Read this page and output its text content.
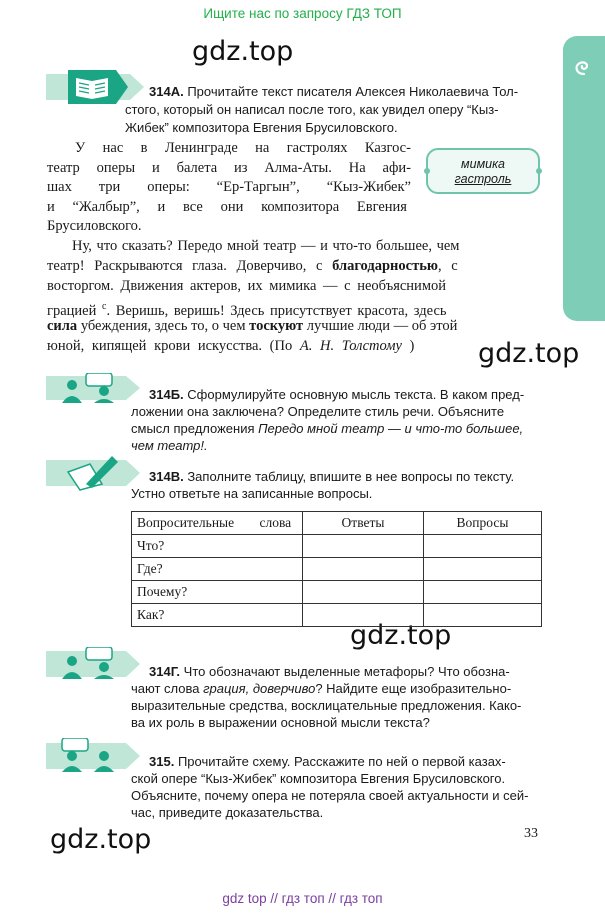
Ищите нас по запросу ГДЗ ТОП
gdz.top
gdz.top
gdz.top
gdz.top
314А. Прочитайте текст писателя Алексея Николаевича Тол-
стого, который он написал после того, как увидел оперу “Кыз-
Жибек” композитора Евгения Брусиловского.
мимика
гастроль
У нас в Ленинграде на гастролях Казгос-
театр оперы и балета из Алма-Аты. На афи-
шах три оперы: “Ер-Таргын”, “Кыз-Жибек”
и “Жалбыр”, и все они композитора Евгения
Брусиловского.
Ну, что сказать? Передо мной театр — и что-то большее, чем
театр! Раскрываются глаза. Доверчиво, с благодарностью, с
восторгом. Движения актеров, их мимика — с необъяснимой
грацией $^с$. Веришь, веришь! Здесь присутствует красота, здесь
сила убеждения, здесь то, о чем тоскуют лучшие люди — об этой
юной, кипящей крови искусства. (По А. Н. Толстому )
314Б. Сформулируйте основную мысль текста. В каком пред-
ложении она заключена? Определите стиль речи. Объясните
смысл предложения Передо мной театр — и что-то большее,
чем театр!.
314В. Заполните таблицу, впишите в нее вопросы по тексту.
Устно ответьте на записанные вопросы.
Вопросительные слова	Ответы	Вопросы
Что?		
Где?		
Почему?		
Как?		
314Г. Что обозначают выделенные метафоры? Что обозна-
чают слова грация, доверчиво? Найдите еще изобразительно-
выразительные средства, восклицательные предложения. Како-
ва их роль в выражении основной мысли текста?
315. Прочитайте схему. Расскажите по ней о первой казах-
ской опере “Кыз-Жибек” композитора Евгения Брусиловского.
Объясните, почему опера не потеряла своей актуальности и сей-
час, приведите доказательства.
33
gdz top // гдз топ // гдз топ
